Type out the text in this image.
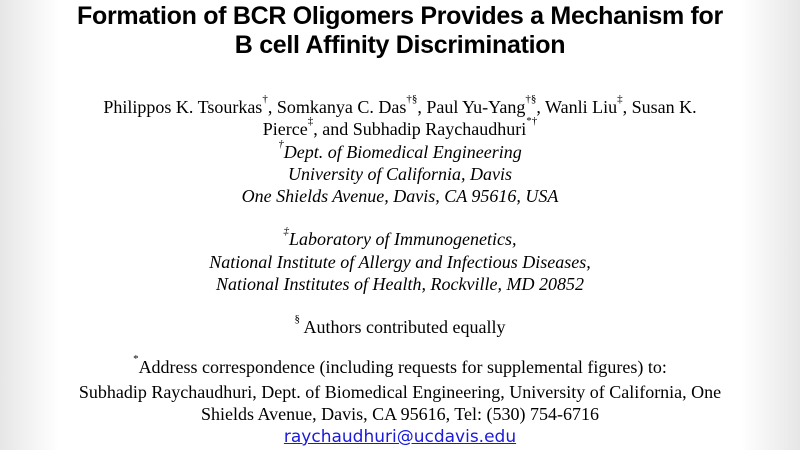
Formation of BCR Oligomers Provides a Mechanism for
B cell Affinity Discrimination
Philippos K. Tsourkas†, Somkanya C. Das†§, Paul Yu-Yang†§, Wanli Liu‡, Susan K.
Pierce‡, and Subhadip Raychaudhuri*†
†Dept. of Biomedical Engineering
University of California, Davis
One Shields Avenue, Davis, CA 95616, USA
‡Laboratory of Immunogenetics,
National Institute of Allergy and Infectious Diseases,
National Institutes of Health, Rockville, MD 20852
§ Authors contributed equally
*Address correspondence (including requests for supplemental figures) to:
Subhadip Raychaudhuri, Dept. of Biomedical Engineering, University of California, One
Shields Avenue, Davis, CA 95616, Tel: (530) 754-6716
raychaudhuri@ucdavis.edu
